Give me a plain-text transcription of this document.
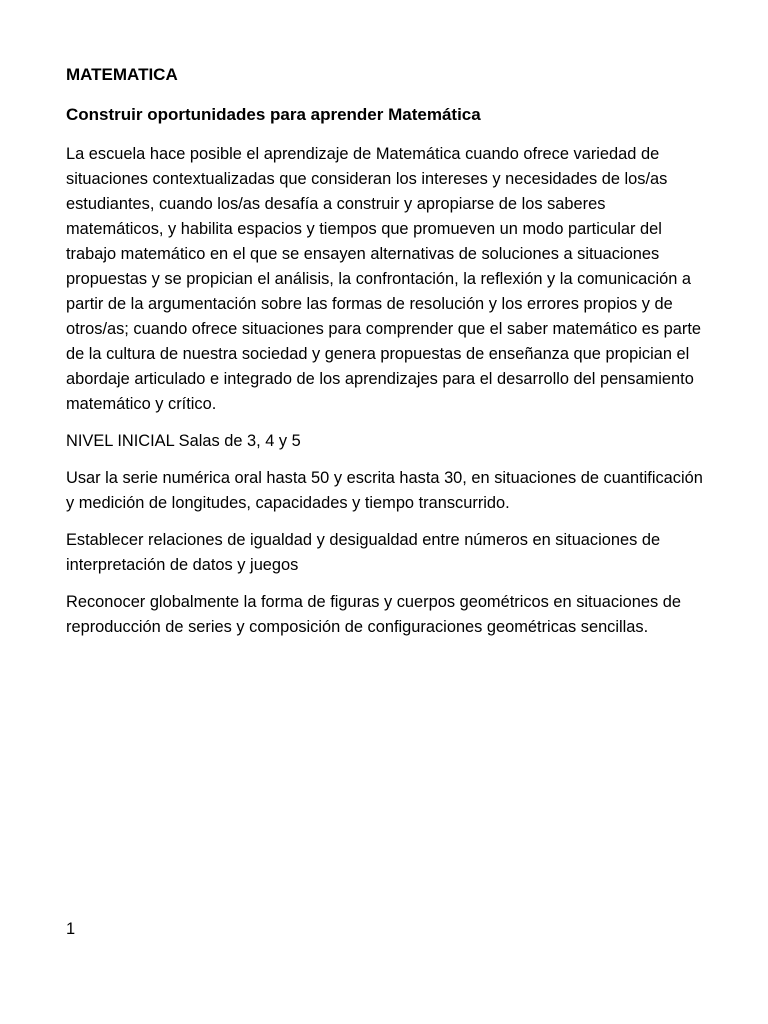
MATEMATICA
Construir oportunidades para aprender Matemática

La escuela hace posible el aprendizaje de Matemática cuando ofrece variedad de situaciones contextualizadas que consideran los intereses y necesidades de los/as estudiantes, cuando los/as desafía a construir y apropiarse de los saberes matemáticos, y habilita espacios y tiempos que promueven un modo particular del trabajo matemático en el que se ensayen alternativas de soluciones a situaciones propuestas y se propician el análisis, la confrontación, la reflexión y la comunicación a partir de la argumentación sobre las formas de resolución y los errores propios y de otros/as; cuando ofrece situaciones para comprender que el saber matemático es parte de la cultura de nuestra sociedad y genera propuestas de enseñanza que propician el abordaje articulado e integrado de los aprendizajes para el desarrollo del pensamiento matemático y crítico.

NIVEL INICIAL Salas de 3, 4 y 5

Usar la serie numérica oral hasta 50 y escrita hasta 30, en situaciones de cuantificación y medición de longitudes, capacidades y tiempo transcurrido.

Establecer relaciones de igualdad y desigualdad entre números en situaciones de interpretación de datos y juegos

Reconocer globalmente la forma de figuras y cuerpos geométricos en situaciones de reproducción de series y composición de configuraciones geométricas sencillas.

1
